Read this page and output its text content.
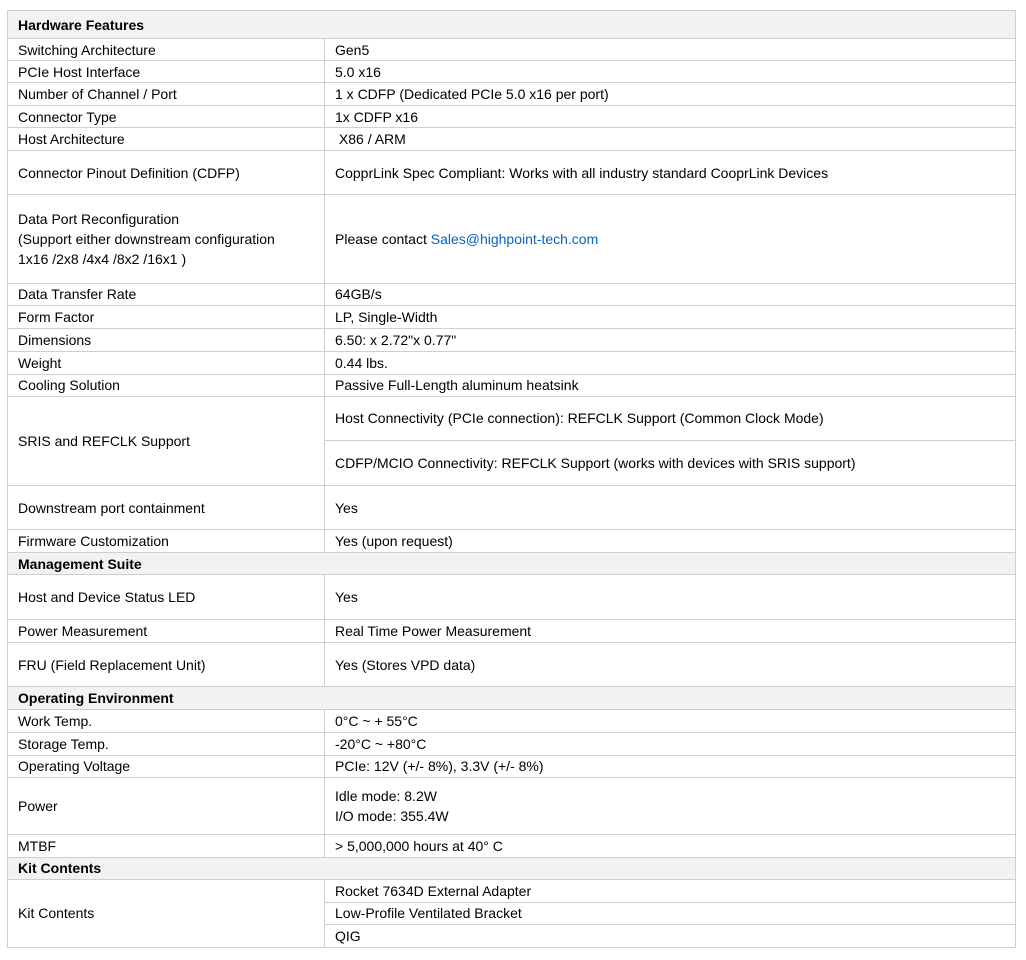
Hardware Features	
Switching Architecture	Gen5
PCIe Host Interface	5.0 x16
Number of Channel / Port	1 x CDFP (Dedicated PCIe 5.0 x16 per port)
Connector Type	1x CDFP x16
Host Architecture	X86 / ARM
Connector Pinout Definition (CDFP)	CopprLink Spec Compliant: Works with all industry standard CooprLink Devices

Data Port Reconfiguration
(Support either downstream configuration
1x16 /2x8 /4x4 /8x2 /16x1 )	Please contact Sales@highpoint-tech.com
Data Transfer Rate	64GB/s
Form Factor	LP, Single-Width
Dimensions	6.50: x 2.72"x 0.77"
Weight	0.44 lbs.
Cooling Solution	Passive Full-Length aluminum heatsink
SRIS and REFCLK Support	Host Connectivity (PCIe connection): REFCLK Support (Common Clock Mode)
	CDFP/MCIO Connectivity: REFCLK Support (works with devices with SRIS support)
Downstream port containment	Yes
Firmware Customization	Yes (upon request)
Management Suite	
Host and Device Status LED	Yes
Power Measurement	Real Time Power Measurement
FRU (Field Replacement Unit)	Yes (Stores VPD data)
Operating Environment	
Work Temp.	0°C ~ + 55°C
Storage Temp.	-20°C ~ +80°C
Operating Voltage	PCIe: 12V (+/- 8%), 3.3V (+/- 8%)
Power	Idle mode: 8.2W
I/O mode: 355.4W

MTBF	> 5,000,000 hours at 40° C
Kit Contents	
Kit Contents	Rocket 7634D External Adapter
	Low-Profile Ventilated Bracket
	QIG
